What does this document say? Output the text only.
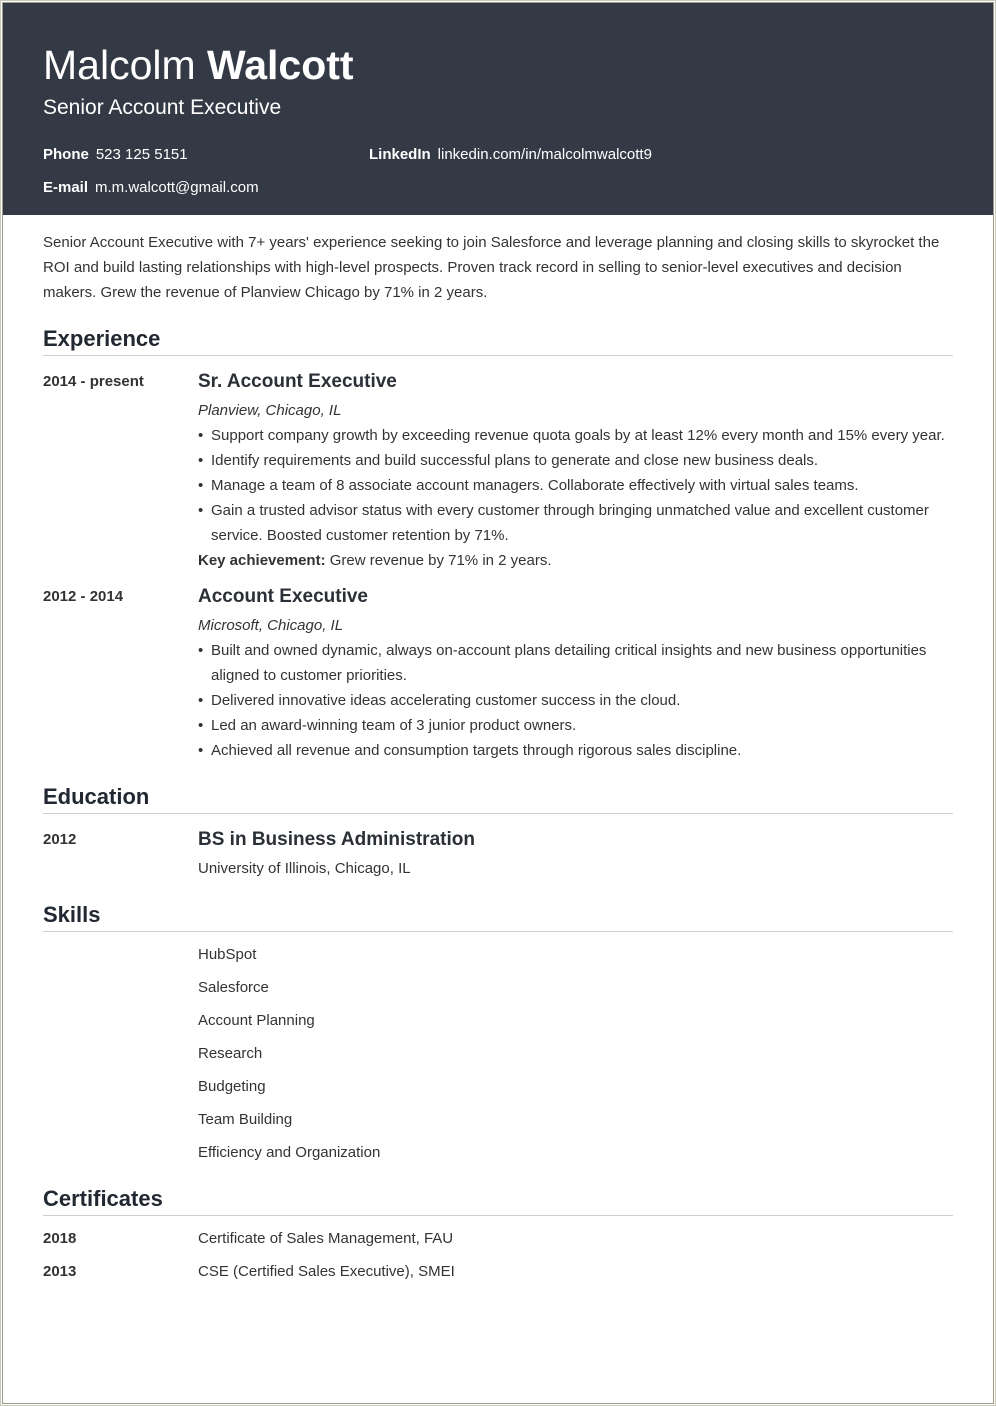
Malcolm Walcott
Senior Account Executive
Phone 523 125 5151	LinkedIn linkedin.com/in/malcolmwalcott9
E-mail m.m.walcott@gmail.com
Senior Account Executive with 7+ years' experience seeking to join Salesforce and leverage planning and closing skills to skyrocket the ROI and build lasting relationships with high-level prospects. Proven track record in selling to senior-level executives and decision makers. Grew the revenue of Planview Chicago by 71% in 2 years.
Experience
2014 - present	Sr. Account Executive
Planview, Chicago, IL
• Support company growth by exceeding revenue quota goals by at least 12% every month and 15% every year.
• Identify requirements and build successful plans to generate and close new business deals.
• Manage a team of 8 associate account managers. Collaborate effectively with virtual sales teams.
• Gain a trusted advisor status with every customer through bringing unmatched value and excellent customer service. Boosted customer retention by 71%.
Key achievement: Grew revenue by 71% in 2 years.
2012 - 2014	Account Executive
Microsoft, Chicago, IL
• Built and owned dynamic, always on-account plans detailing critical insights and new business opportunities aligned to customer priorities.
• Delivered innovative ideas accelerating customer success in the cloud.
• Led an award-winning team of 3 junior product owners.
• Achieved all revenue and consumption targets through rigorous sales discipline.
Education
2012	BS in Business Administration
University of Illinois, Chicago, IL
Skills
HubSpot
Salesforce
Account Planning
Research
Budgeting
Team Building
Efficiency and Organization
Certificates
2018	Certificate of Sales Management, FAU
2013	CSE (Certified Sales Executive), SMEI
